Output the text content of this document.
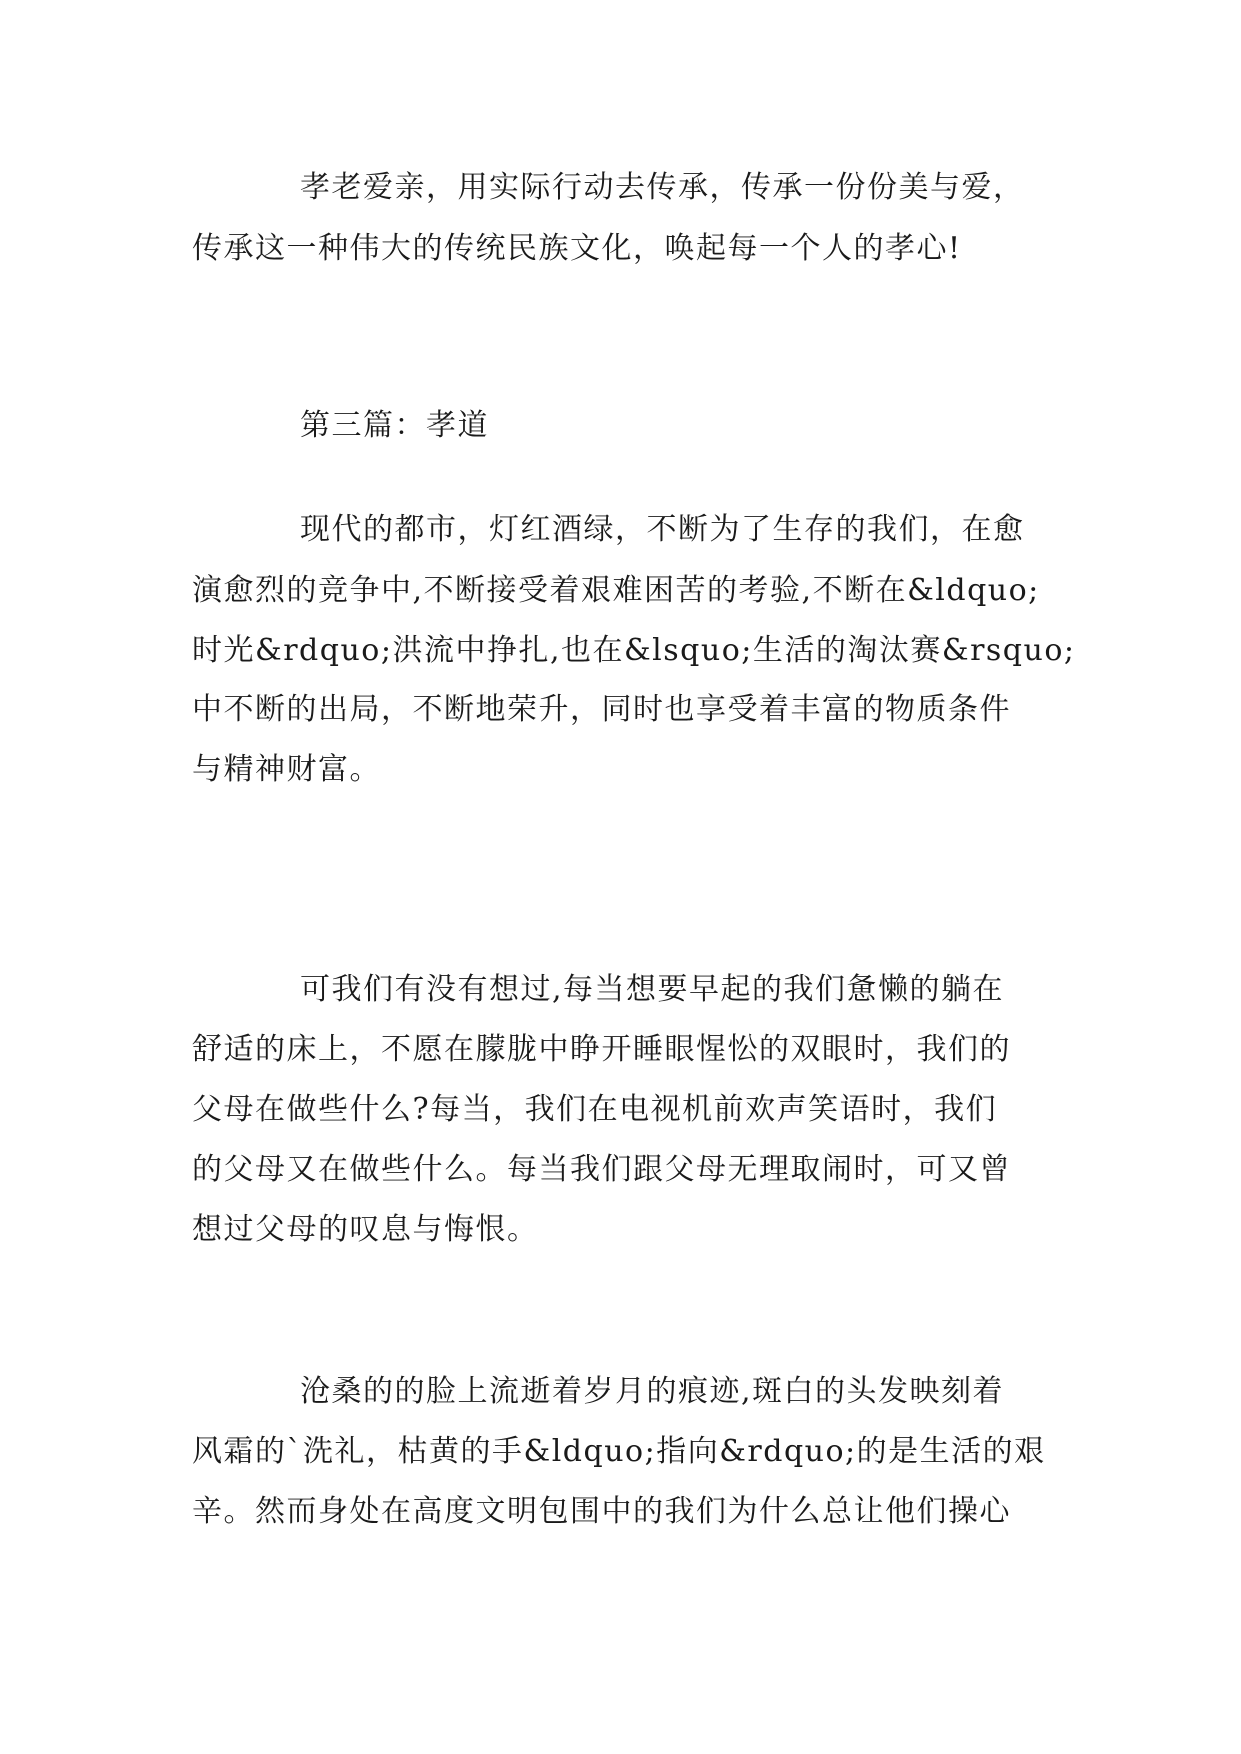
孝老爱亲，用实际行动去传承，传承一份份美与爱，
传承这一种伟大的传统民族文化，唤起每一个人的孝心!
第三篇：孝道
现代的都市，灯红酒绿，不断为了生存的我们，在愈
演愈烈的竞争中,不断接受着艰难困苦的考验,不断在&ldquo;
时光&rdquo;洪流中挣扎,也在&lsquo;生活的淘汰赛&rsquo;
中不断的出局，不断地荣升，同时也享受着丰富的物质条件
与精神财富。
可我们有没有想过,每当想要早起的我们惫懒的躺在
舒适的床上，不愿在朦胧中睁开睡眼惺忪的双眼时，我们的
父母在做些什么?每当，我们在电视机前欢声笑语时，我们
的父母又在做些什么。每当我们跟父母无理取闹时，可又曾
想过父母的叹息与悔恨。
沧桑的的脸上流逝着岁月的痕迹,斑白的头发映刻着
风霜的`洗礼，枯黄的手&ldquo;指向&rdquo;的是生活的艰
辛。然而身处在高度文明包围中的我们为什么总让他们操心
